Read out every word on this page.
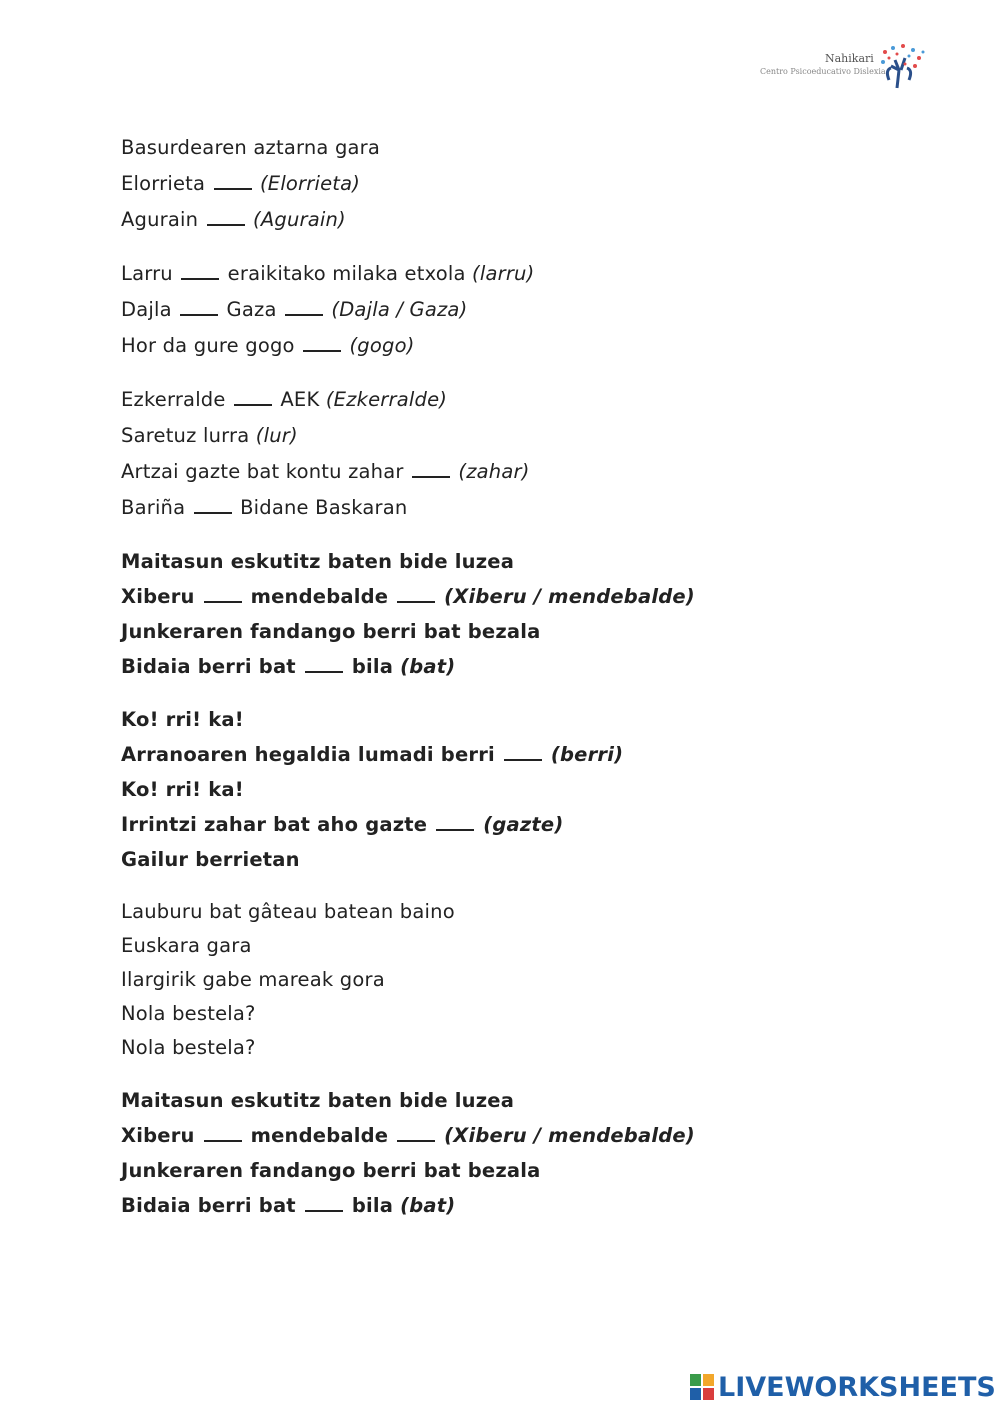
Nahikari
Centro Psicoeducativo Dislexia
Basurdearen aztarna gara
Elorrieta  (Elorrieta)
Agurain  (Agurain)
Larru  eraikitako milaka etxola (larru)
Dajla  Gaza  (Dajla / Gaza)
Hor da gure gogo  (gogo)
Ezkerralde  AEK (Ezkerralde)
Saretuz lurra (lur)
Artzai gazte bat kontu zahar  (zahar)
Bariña  Bidane Baskaran
Maitasun eskutitz baten bide luzea
Xiberu  mendebalde	(Xiberu / mendebalde)
Junkeraren fandango berri bat bezala
Bidaia berri bat  bila (bat)
Ko! rri! ka!
Arranoaren hegaldia lumadi berri	(berri)
Ko! rri! ka!
Irrintzi zahar bat aho gazte	(gazte)
Gailur berrietan
Lauburu bat gâteau batean baino
Euskara gara
Ilargirik gabe mareak gora
Nola bestela?
Nola bestela?
Maitasun eskutitz baten bide luzea
Xiberu  mendebalde	(Xiberu / mendebalde)
Junkeraren fandango berri bat bezala
Bidaia berri bat  bila (bat)
LIVEWORKSHEETS
